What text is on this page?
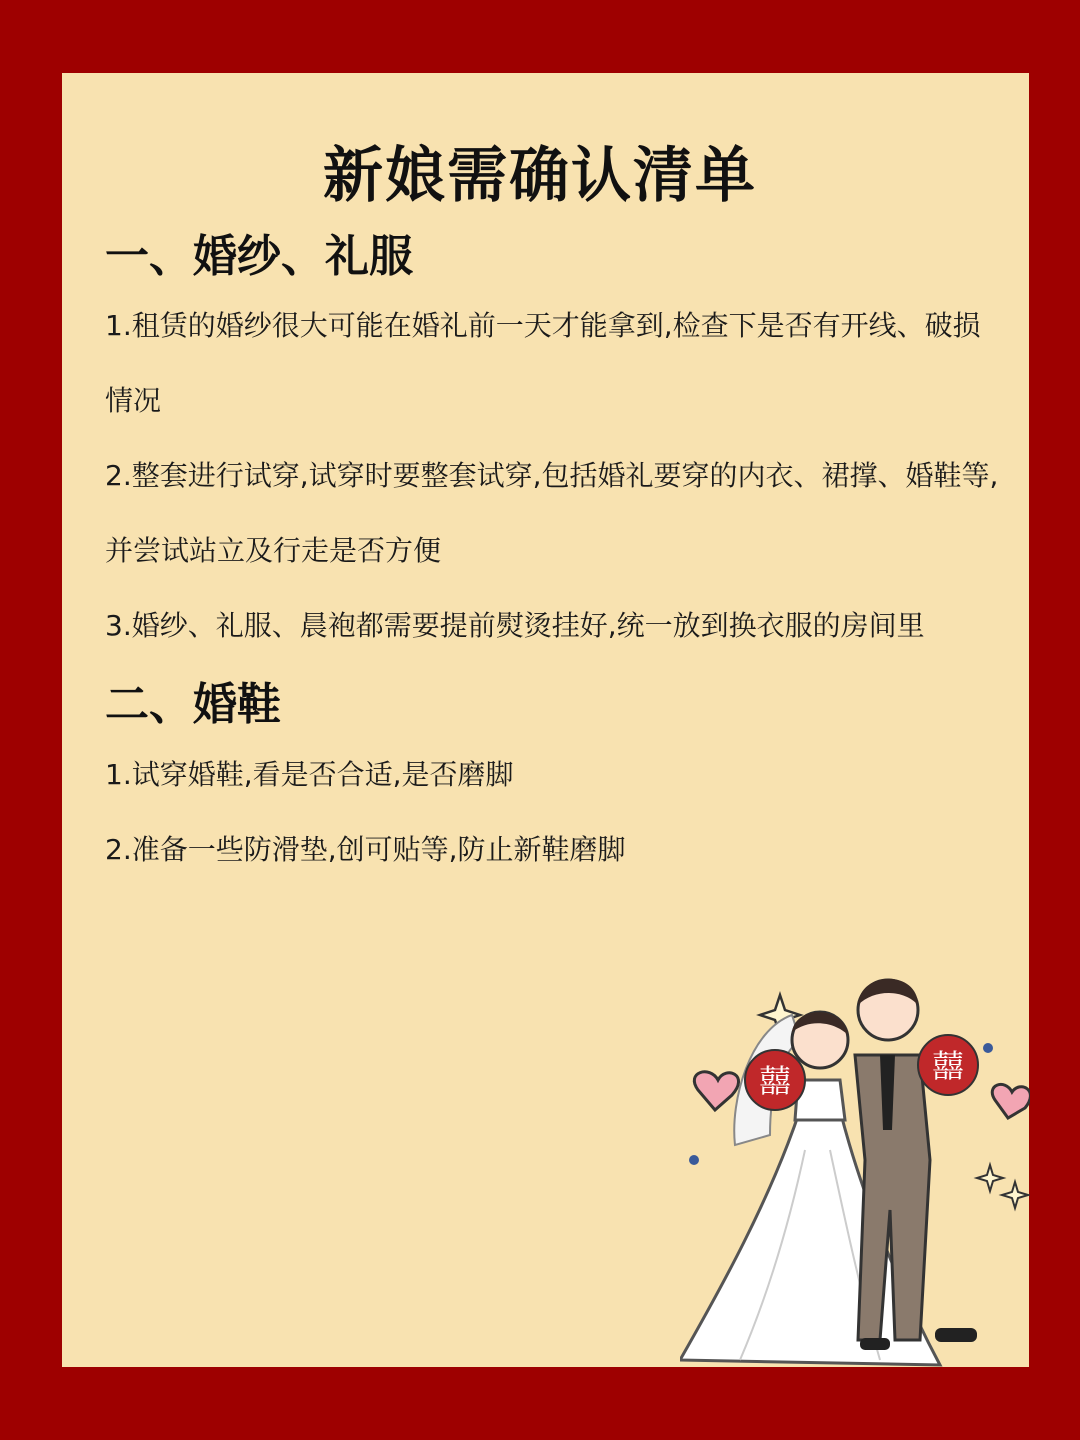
新娘需确认清单
一、婚纱、礼服
1.租赁的婚纱很大可能在婚礼前一天才能拿到,检查下是否有开线、破损情况
2.整套进行试穿,试穿时要整套试穿,包括婚礼要穿的内衣、裙撑、婚鞋等,并尝试站立及行走是否方便
3.婚纱、礼服、晨袍都需要提前熨烫挂好,统一放到换衣服的房间里
二、婚鞋
1.试穿婚鞋,看是否合适,是否磨脚
2.准备一些防滑垫,创可贴等,防止新鞋磨脚
囍	囍
